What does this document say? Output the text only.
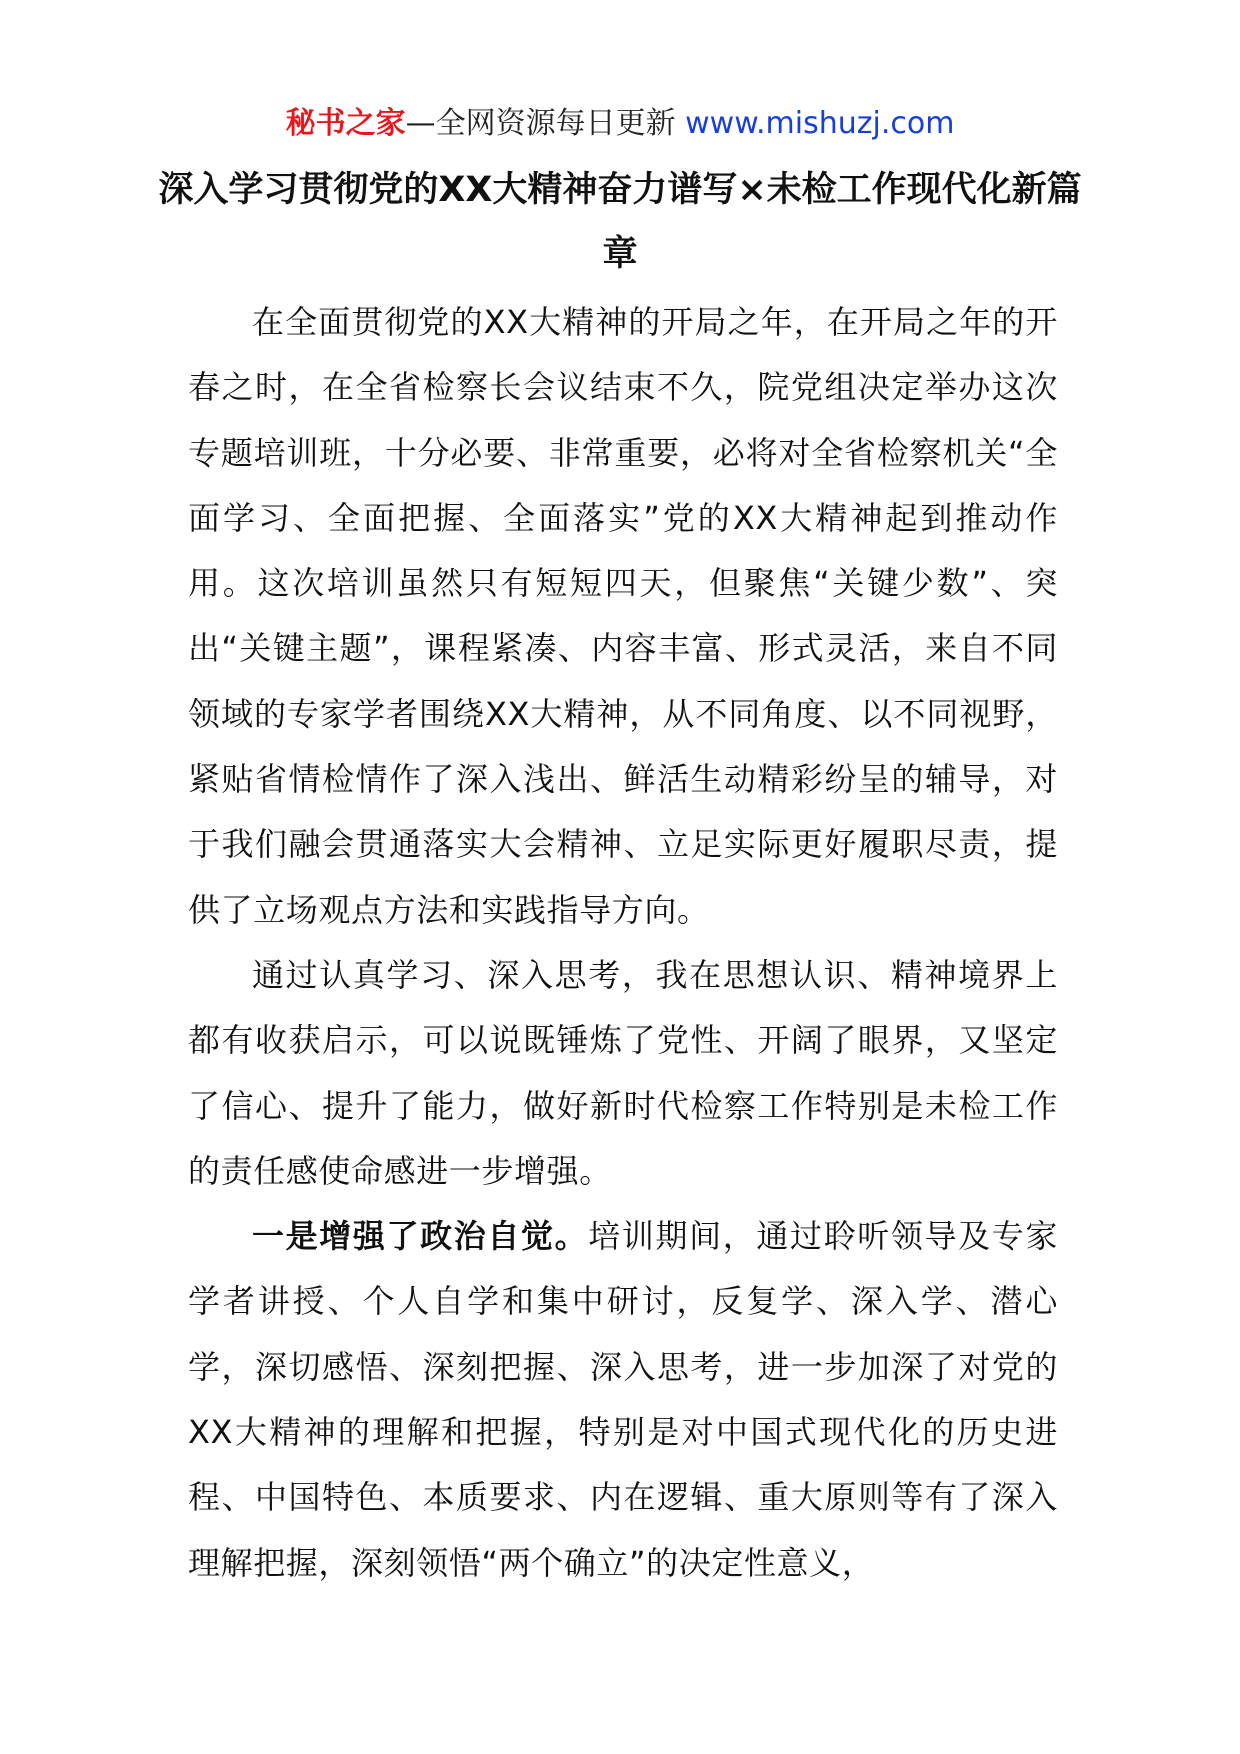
秘书之家—全网资源每日更新 www.mishuzj.com
深入学习贯彻党的XX大精神奋力谱写×未检工作现代化新篇章

在全面贯彻党的XX大精神的开局之年，在开局之年的开春之时，在全省检察长会议结束不久，院党组决定举办这次专题培训班，十分必要、非常重要，必将对全省检察机关“全面学习、全面把握、全面落实”党的XX大精神起到推动作用。这次培训虽然只有短短四天，但聚焦“关键少数”、突出“关键主题”，课程紧凑、内容丰富、形式灵活，来自不同领域的专家学者围绕XX大精神，从不同角度、以不同视野，紧贴省情检情作了深入浅出、鲜活生动精彩纷呈的辅导，对于我们融会贯通落实大会精神、立足实际更好履职尽责，提供了立场观点方法和实践指导方向。

通过认真学习、深入思考，我在思想认识、精神境界上都有收获启示，可以说既锤炼了党性、开阔了眼界，又坚定了信心、提升了能力，做好新时代检察工作特别是未检工作的责任感使命感进一步增强。

一是增强了政治自觉。培训期间，通过聆听领导及专家学者讲授、个人自学和集中研讨，反复学、深入学、潜心学，深切感悟、深刻把握、深入思考，进一步加深了对党的XX大精神的理解和把握，特别是对中国式现代化的历史进程、中国特色、本质要求、内在逻辑、重大原则等有了深入理解把握，深刻领悟“两个确立”的决定性意义，
